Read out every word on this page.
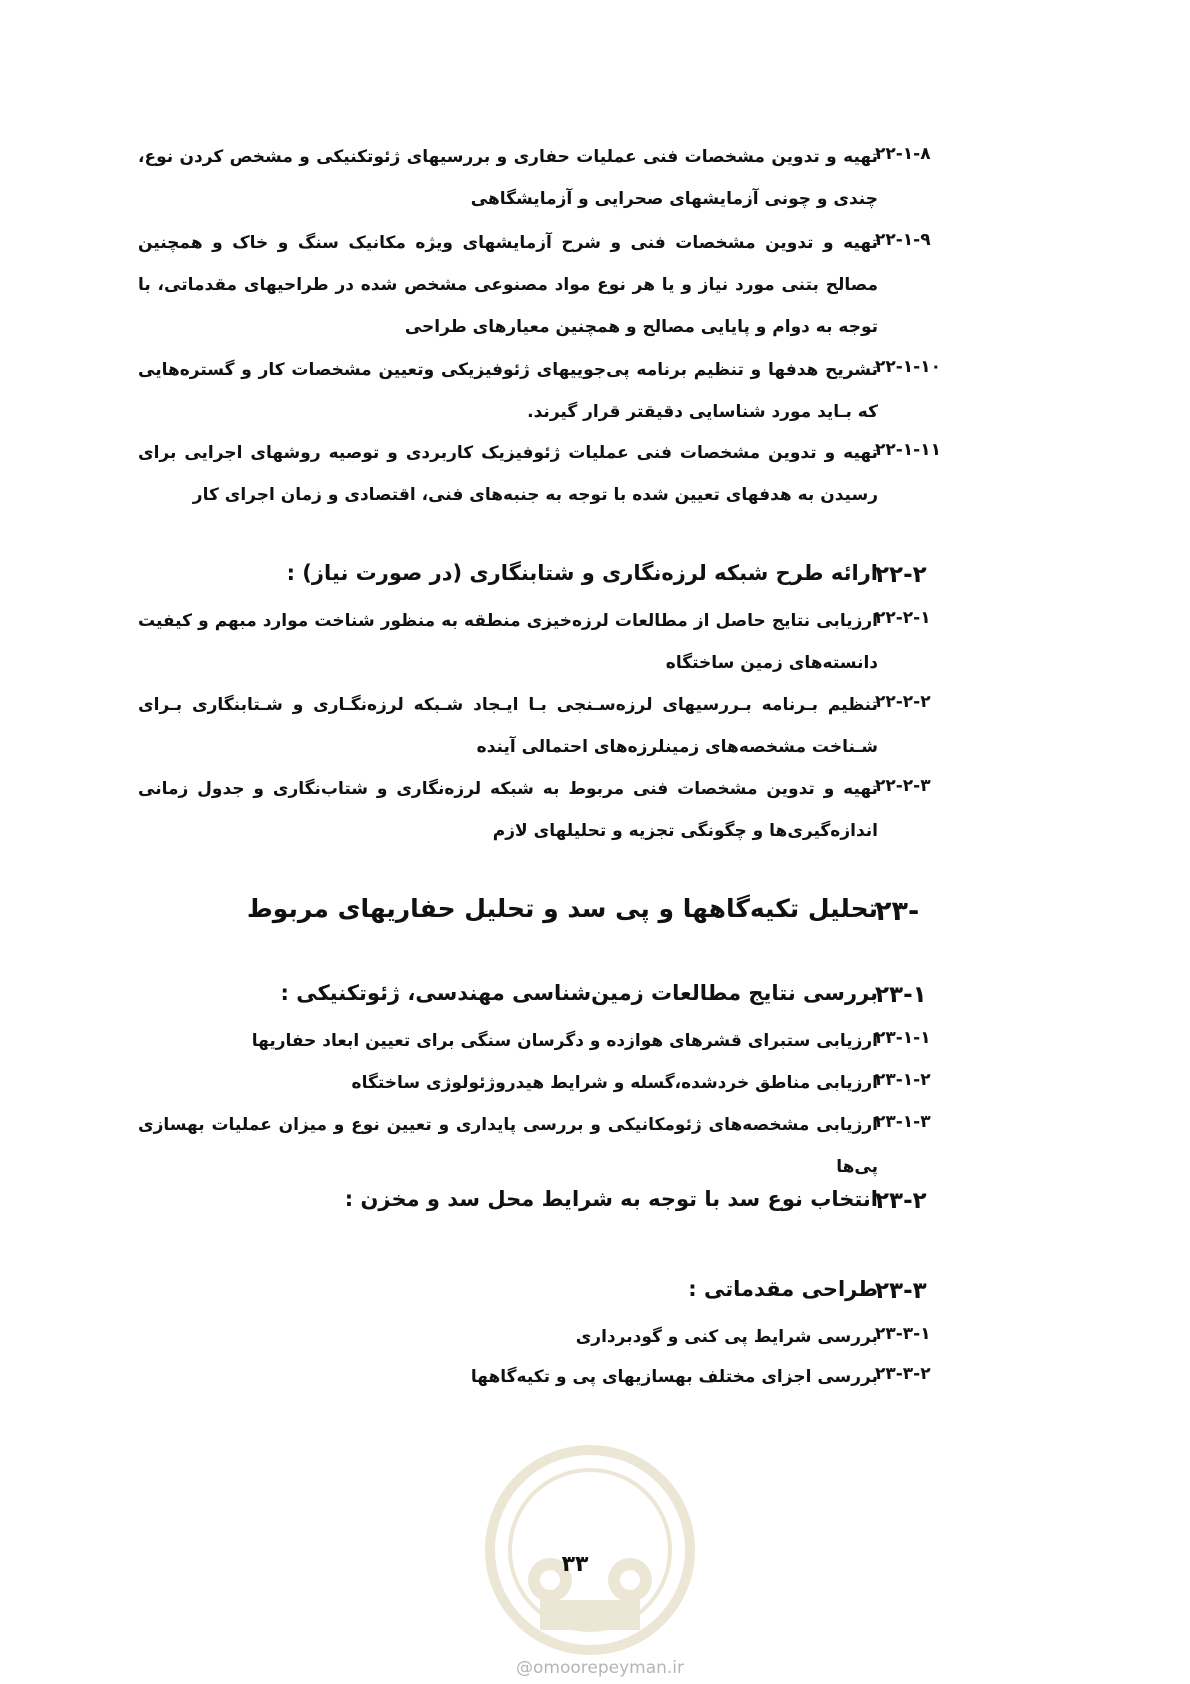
۲۲-۱-۸
تهیه و تدوین مشخصات فنی عملیات حفاری و بررسیهای ژئوتکنیکی و مشخص کردن نوع، چندی و چونی آزمایشهای صحرایی و آزمایشگاهی
۲۲-۱-۹
تهیه و تدوین مشخصات فنی و شرح آزمایشهای ویژه مکانیک سنگ و خاک و همچنین مصالح بتنی مورد نیاز و یا هر نوع مواد مصنوعی مشخص شده در طراحیهای مقدماتی، با توجه به دوام و پایایی مصالح و همچنین معیارهای طراحی
۲۲-۱-۱۰
تشریح هدفها و تنظیم برنامه پی‌جوییهای ژئوفیزیکی وتعیین مشخصات کار و گستره‌هایی که بـاید مورد شناسایی دقیقتر قرار گیرند.
۲۲-۱-۱۱
تهیه و تدوین مشخصات فنی عملیات ژئوفیزیک کاربردی و توصیه روشهای اجرایی برای رسیدن به هدفهای تعیین شده با توجه به جنبه‌های فنی، اقتصادی و زمان اجرای کار
۲۲-۲
ارائه طرح شبکه لرزه‌نگاری و شتابنگاری (در صورت نیاز) :
۲۲-۲-۱
ارزیابی نتایج حاصل از مطالعات لرزه‌خیزی منطقه به منظور شناخت موارد مبهم و کیفیت دانسته‌های زمین ساختگاه
۲۲-۲-۲
تنظیم بـرنامه بـررسیهای لرزه‌سـنجی بـا ایـجاد شـبکه لرزه‌نگـاری و شـتابنگاری بـرای شـناخت مشخصه‌های زمینلرزه‌های احتمالی آینده
۲۲-۲-۳
تهیه و تدوین مشخصات فنی مربوط به شبکه لرزه‌نگاری و شتاب‌نگاری و جدول زمانی اندازه‌گیری‌ها و چگونگی تجزیه و تحلیلهای لازم
۲۳-
تحلیل تکیه‌گاهها و پی سد و تحلیل حفاریهای مربوط
۲۳-۱
بررسی نتایج مطالعات زمین‌شناسی مهندسی، ژئوتکنیکی :
۲۳-۱-۱
ارزیابی ستبرای قشرهای هوازده و دگرسان سنگی برای تعیین ابعاد حفاریها
۲۳-۱-۲
ارزیابی مناطق خردشده،گسله و شرایط هیدروژئولوژی ساختگاه
۲۳-۱-۳
ارزیابی مشخصه‌های ژئومکانیکی و بررسی پایداری و تعیین نوع و میزان عملیات بهسازی پی‌ها
۲۳-۲
انتخاب نوع سد با توجه به شرایط محل سد و مخزن :
۲۳-۳
طراحی مقدماتی :
۲۳-۳-۱
بررسی شرایط پی کنی و گودبرداری
۲۳-۳-۲
بررسی اجزای مختلف بهسازیهای پی و تکیه‌گاهها
۳۳
@omoorepeyman.ir
